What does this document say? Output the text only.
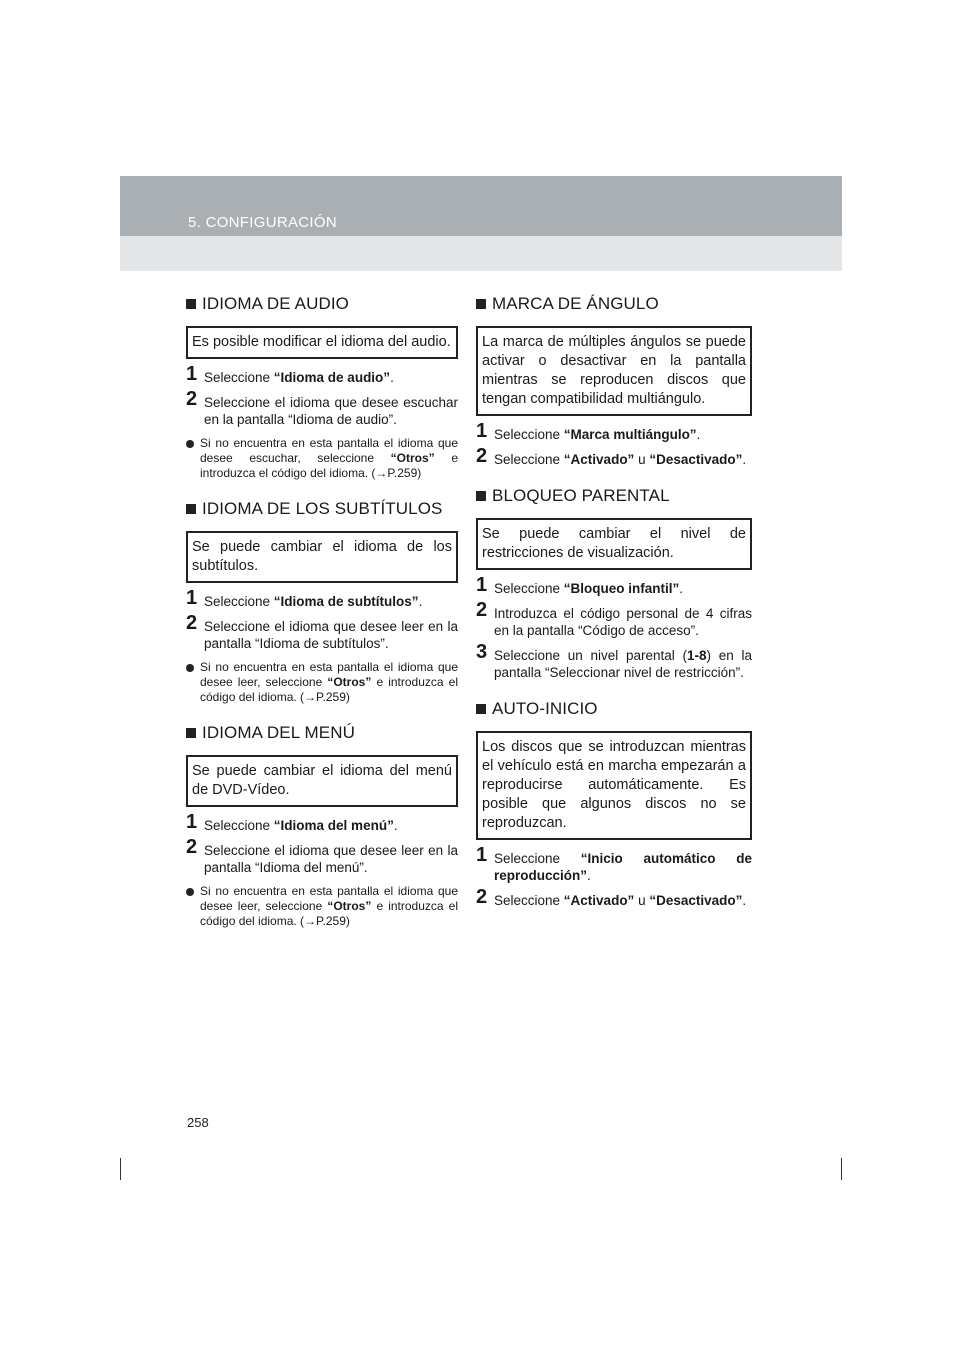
5. CONFIGURACIÓN
IDIOMA DE AUDIO
Es posible modificar el idioma del audio.
1 Seleccione “Idioma de audio”.
2 Seleccione el idioma que desee escuchar en la pantalla “Idioma de audio”.
Si no encuentra en esta pantalla el idioma que desee escuchar, seleccione “Otros” e introduzca el código del idioma. (→P.259)
IDIOMA DE LOS SUBTÍTULOS
Se puede cambiar el idioma de los subtítulos.
1 Seleccione “Idioma de subtítulos”.
2 Seleccione el idioma que desee leer en la pantalla “Idioma de subtítulos”.
Si no encuentra en esta pantalla el idioma que desee leer, seleccione “Otros” e introduzca el código del idioma. (→P.259)
IDIOMA DEL MENÚ
Se puede cambiar el idioma del menú de DVD-Vídeo.
1 Seleccione “Idioma del menú”.
2 Seleccione el idioma que desee leer en la pantalla “Idioma del menú”.
Si no encuentra en esta pantalla el idioma que desee leer, seleccione “Otros” e introduzca el código del idioma. (→P.259)
MARCA DE ÁNGULO
La marca de múltiples ángulos se puede activar o desactivar en la pantalla mientras se reproducen discos que tengan compatibilidad multiángulo.
1 Seleccione “Marca multiángulo”.
2 Seleccione “Activado” u “Desactivado”.
BLOQUEO PARENTAL
Se puede cambiar el nivel de restricciones de visualización.
1 Seleccione “Bloqueo infantil”.
2 Introduzca el código personal de 4 cifras en la pantalla “Código de acceso”.
3 Seleccione un nivel parental (1-8) en la pantalla “Seleccionar nivel de restricción”.
AUTO-INICIO
Los discos que se introduzcan mientras el vehículo está en marcha empezarán a reproducirse automáticamente. Es posible que algunos discos no se reproduzcan.
1 Seleccione “Inicio automático de reproducción”.
2 Seleccione “Activado” u “Desactivado”.
258
